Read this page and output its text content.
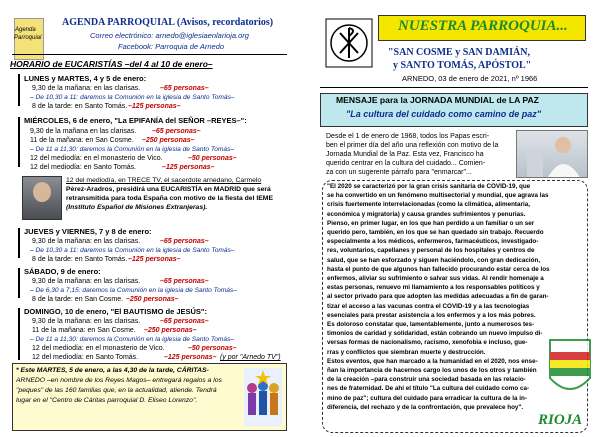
Agenda
Parroquial
AGENDA PARROQUIAL (Avisos, recordatorios)
Correo electrónico: arnedo@iglesiaenlarioja.org
Facebook: Parroquia de Arnedo
HORARIO de EUCARISTÍAS –del 4 al 10 de enero–
LUNES y MARTES, 4 y 5 de enero:
9,30 de la mañana: en las clarisas.	–65 personas–
– De 10,30 a 11: daremos la Comunión en la iglesia de Santo Tomás–
8 de la tarde: en Santo Tomás. –125 personas–
MIÉRCOLES, 6 de enero, "La EPIFANÍA del SEÑOR –REYES–":
9,30 de la mañana en las clarisas. –65 personas–
11 de la mañana: en San Cosme. –250 personas–
– De 11 a 11,30: daremos la Comunión en la iglesia de Santo Tomás–
12 del mediodía: en el monasterio de Vico.	–50 personas–
12 del mediodía: en Santo Tomás.	–125 personas–
12 del mediodía, en TRECE TV, el sacerdote arnedano, Carmelo
Pérez-Aradros, presidirá una EUCARISTÍA en MADRID que será
retransmitida para toda España con motivo de la fiesta del IEME
(Instituto Español de Misiones Extranjeras).
JUEVES y VIERNES, 7 y 8 de enero:
9,30 de la mañana: en las clarisas.	–65 personas–
– De 10,30 a 11: daremos la Comunión en la iglesia de Santo Tomás–
8 de la tarde: en Santo Tomás. –125 personas–
SÁBADO, 9 de enero:
9,30 de la mañana: en las clarisas.	–65 personas–
– De 6,30 a 7,15: daremos la Comunión en la iglesia de Santo Tomás–
8 de la tarde: en San Cosme. –250 personas–
DOMINGO, 10 de enero, "El BAUTISMO de JESÚS":
9,30 de la mañana: en las clarisas.	–65 personas–
11 de la mañana: en San Cosme. –250 personas–
– De 11 a 11,30: daremos la Comunión en la iglesia de Santo Tomás–
12 del mediodía: en el monasterio de Vico.	–50 personas–
12 del mediodía: en Santo Tomás.	–125 personas– (y por "Arnedo TV")
* Este MARTES, 5 de enero, a las 4,30 de la tarde, CÁRITAS-
ARNEDO –en nombre de los Reyes Magos– entregará regalos a los
"peques" de las 160 familias que, en la actualidad, atiende. Tendrá
lugar en el "Centro de Cáritas parroquial D. Eliseo Lorenzo".
NUESTRA PARROQUIA...
"SAN COSME y SAN DAMIÁN,
y SANTO TOMÁS, APÓSTOL"
ARNEDO, 03 de enero de 2021, nº 1966
MENSAJE para la JORNADA MUNDIAL de LA PAZ
"La cultura del cuidado como camino de paz"
Desde el 1 de enero de 1968, todos los Papas escri-
ben el primer día del año una reflexión con motivo de la
Jornada Mundial de la Paz. Esta vez, Francisco ha
querido centrar en la cultura del cuidado... Comien-
za con un sugerente párrafo para "enmarcar"...
"El 2020 se caracterizó por la gran crisis sanitaria de COVID-19, que
se ha convertido en un fenómeno multisectorial y mundial, que agrava las
crisis fuertemente interrelacionadas (como la climática, alimentaria,
económica y migratoria) y causa grandes sufrimientos y penurias.
Pienso, en primer lugar, en los que han perdido a un familiar o un ser
querido pero, también, en los que se han quedado sin trabajo. Recuerdo
especialmente a los médicos, enfermeros, farmacéuticos, investigado-
res, voluntarios, capellanes y personal de los hospitales y centros de
salud, que se han esforzado y siguen haciéndolo, con gran dedicación,
hasta el punto de que algunos han fallecido procurando estar cerca de los
enfermos, aliviar su sufrimiento o salvar sus vidas. Al rendir homenaje a
estas personas, renuevo mi llamamiento a los responsables políticos y
al sector privado para que adopten las medidas adecuadas a fin de garan-
tizar el acceso a las vacunas contra el COVID-19 y a las tecnologías
esenciales para prestar asistencia a los enfermos y a los más pobres.
Es doloroso constatar que, lamentablemente, junto a numerosos tes-
timonios de caridad y solidaridad, están cobrando un nuevo impulso di-
versas formas de nacionalismo, racismo, xenofobia e incluso, gue-
rras y conflictos que siembran muerte y destrucción.
Estos eventos, que han marcado a la humanidad en el 2020, nos ense-
ñan la importancia de hacernos cargo los unos de los otros y también
de la creación –para construir una sociedad basada en las relacio-
nes de fraternidad. De ahí el título "La cultura del cuidado como ca-
mino de paz"; cultura del cuidado para erradicar la cultura de la in-
diferencia, del rechazo y de la confrontación, que prevalece hoy".
RIOJA
